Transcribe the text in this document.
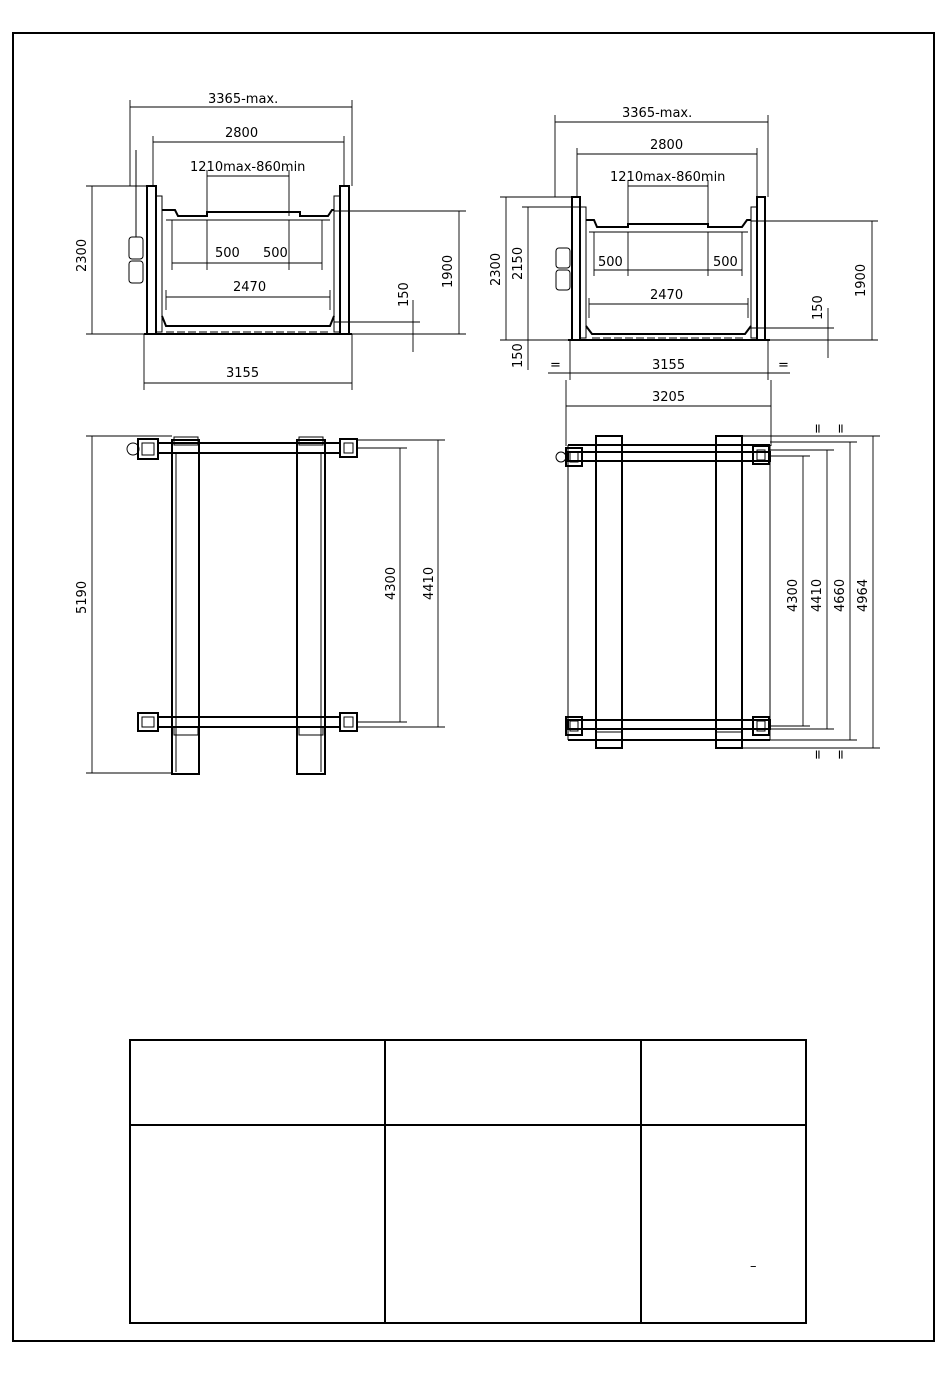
3365-max.
2800
1210max-860min
500 500
2470
3155
2300	1900
150
3365-max.
2800
1210max-860min
500	500
2470
3155
=	=
3205
2300 2150
150
1900
150
5190	4300 4410	4300 4410 4660 4964
= =
= =
–
